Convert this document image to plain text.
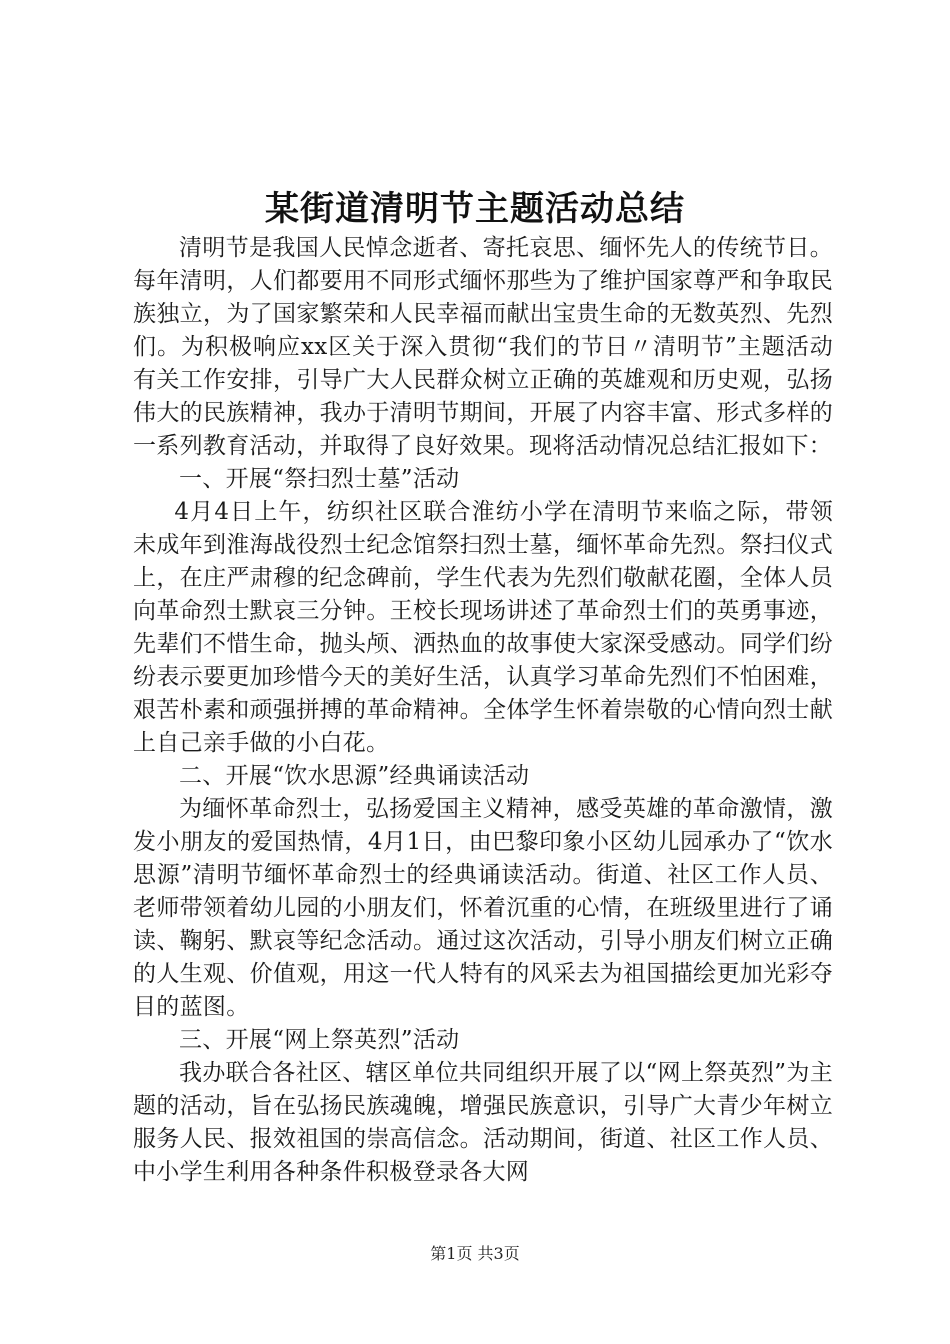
某街道清明节主题活动总结

清明节是我国人民悼念逝者、寄托哀思、缅怀先人的传统节日。每年清明，人们都要用不同形式缅怀那些为了维护国家尊严和争取民族独立，为了国家繁荣和人民幸福而献出宝贵生命的无数英烈、先烈们。为积极响应xx区关于深入贯彻“我们的节日〃清明节”主题活动有关工作安排，引导广大人民群众树立正确的英雄观和历史观，弘扬伟大的民族精神，我办于清明节期间，开展了内容丰富、形式多样的一系列教育活动，并取得了良好效果。现将活动情况总结汇报如下：

一、开展“祭扫烈士墓”活动

4月4日上午，纺织社区联合淮纺小学在清明节来临之际，带领未成年到淮海战役烈士纪念馆祭扫烈士墓，缅怀革命先烈。祭扫仪式上，在庄严肃穆的纪念碑前，学生代表为先烈们敬献花圈，全体人员向革命烈士默哀三分钟。王校长现场讲述了革命烈士们的英勇事迹，先辈们不惜生命，抛头颅、洒热血的故事使大家深受感动。同学们纷纷表示要更加珍惜今天的美好生活，认真学习革命先烈们不怕困难，艰苦朴素和顽强拼搏的革命精神。全体学生怀着崇敬的心情向烈士献上自己亲手做的小白花。

二、开展“饮水思源”经典诵读活动

为缅怀革命烈士，弘扬爱国主义精神，感受英雄的革命激情，激发小朋友的爱国热情，4月1日，由巴黎印象小区幼儿园承办了“饮水思源”清明节缅怀革命烈士的经典诵读活动。街道、社区工作人员、老师带领着幼儿园的小朋友们，怀着沉重的心情，在班级里进行了诵读、鞠躬、默哀等纪念活动。通过这次活动，引导小朋友们树立正确的人生观、价值观，用这一代人特有的风采去为祖国描绘更加光彩夺目的蓝图。

三、开展“网上祭英烈”活动

我办联合各社区、辖区单位共同组织开展了以“网上祭英烈”为主题的活动，旨在弘扬民族魂魄，增强民族意识，引导广大青少年树立服务人民、报效祖国的崇高信念。活动期间，街道、社区工作人员、中小学生利用各种条件积极登录各大网

第1页 共3页
